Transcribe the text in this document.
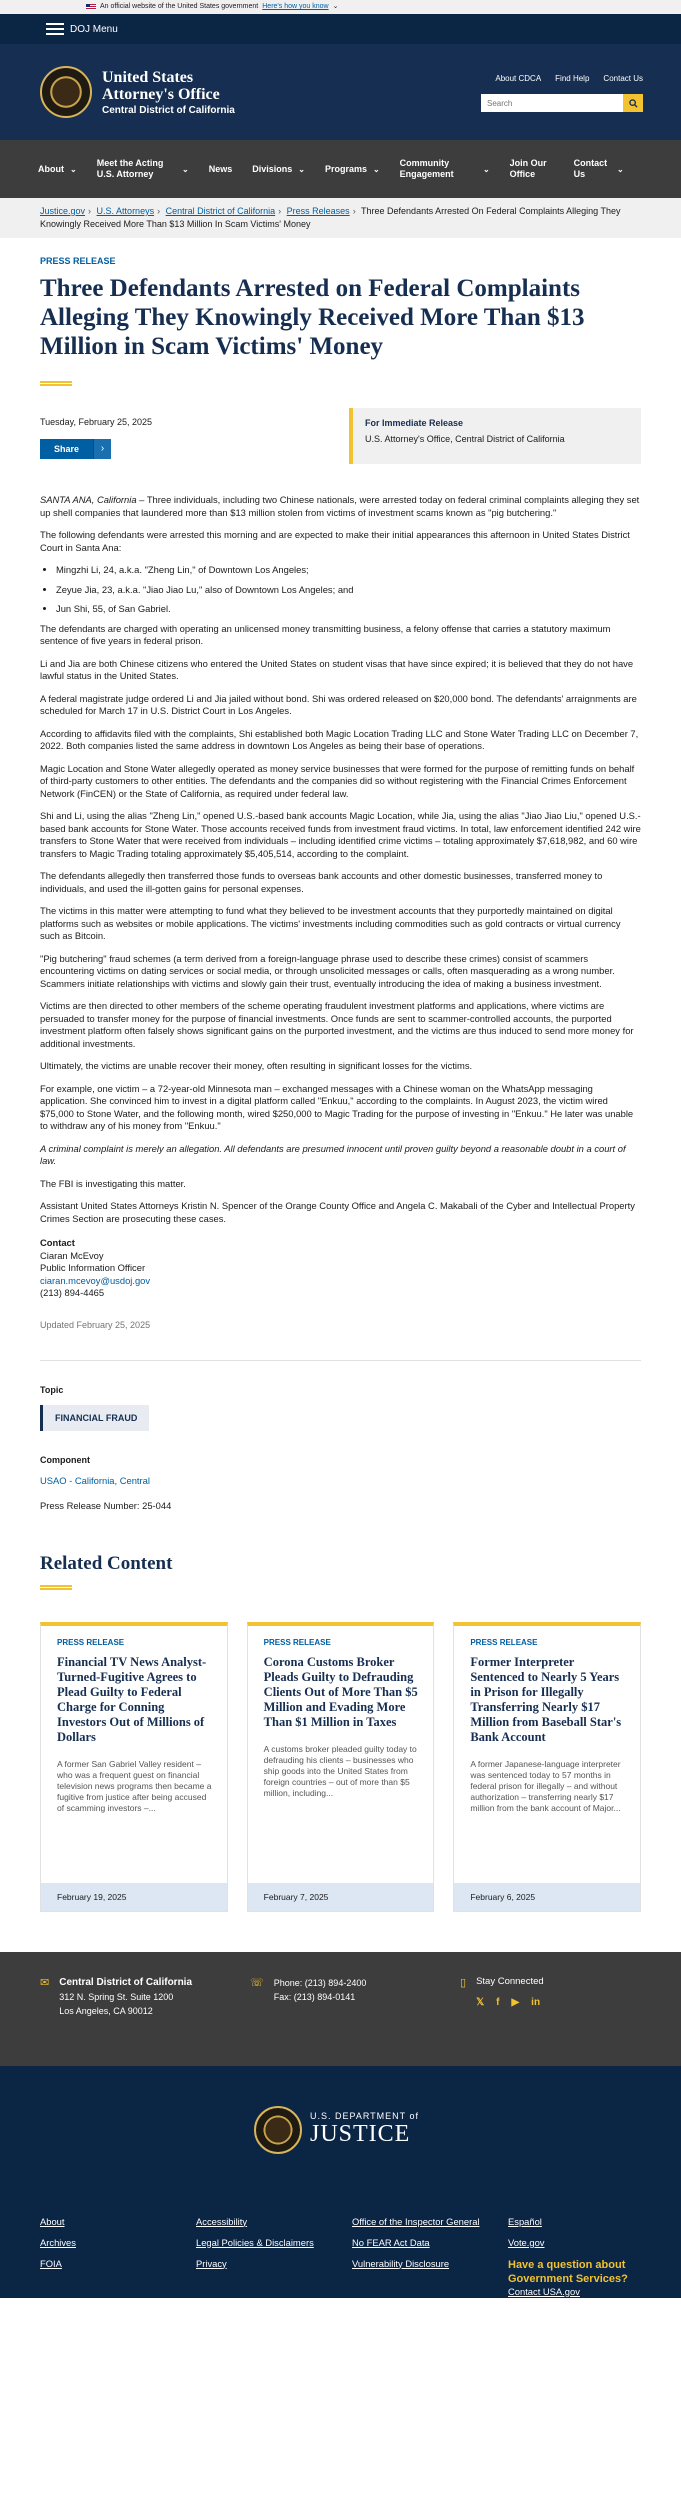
An official website of the United States government Here's how you know ⌄
DOJ Menu
United States
Attorney's Office
Central District of California
About CDCA Find Help Contact Us
Search
About ⌄
Meet the Acting U.S. Attorney	⌄ News Divisions ⌄ Programs ⌄
Community Engagement	⌄
Join Our Office
Contact Us	⌄
Justice.gov › U.S. Attorneys › Central District of California › Press Releases › Three Defendants Arrested On Federal Complaints Alleging They Knowingly Received More Than $13 Million In Scam Victims' Money
PRESS RELEASE
Three Defendants Arrested on Federal Complaints Alleging They Knowingly Received More Than $13 Million in Scam Victims' Money
Tuesday, February 25, 2025
Share	›
For Immediate Release
U.S. Attorney's Office, Central District of California

SANTA ANA, California – Three individuals, including two Chinese nationals, were arrested today on federal criminal complaints alleging they set up shell companies that laundered more than $13 million stolen from victims of investment scams known as "pig butchering."

The following defendants were arrested this morning and are expected to make their initial appearances this afternoon in United States District Court in Santa Ana:

• Mingzhi Li, 24, a.k.a. "Zheng Lin," of Downtown Los Angeles;
• Zeyue Jia, 23, a.k.a. "Jiao Jiao Lu," also of Downtown Los Angeles; and
• Jun Shi, 55, of San Gabriel.

The defendants are charged with operating an unlicensed money transmitting business, a felony offense that carries a statutory maximum sentence of five years in federal prison.

Li and Jia are both Chinese citizens who entered the United States on student visas that have since expired; it is believed that they do not have lawful status in the United States.

A federal magistrate judge ordered Li and Jia jailed without bond. Shi was ordered released on $20,000 bond. The defendants' arraignments are scheduled for March 17 in U.S. District Court in Los Angeles.

According to affidavits filed with the complaints, Shi established both Magic Location Trading LLC and Stone Water Trading LLC on December 7, 2022. Both companies listed the same address in downtown Los Angeles as being their base of operations.

Magic Location and Stone Water allegedly operated as money service businesses that were formed for the purpose of remitting funds on behalf of third-party customers to other entities. The defendants and the companies did so without registering with the Financial Crimes Enforcement Network (FinCEN) or the State of California, as required under federal law.

Shi and Li, using the alias "Zheng Lin," opened U.S.-based bank accounts Magic Location, while Jia, using the alias "Jiao Jiao Liu," opened U.S.-based bank accounts for Stone Water. Those accounts received funds from investment fraud victims. In total, law enforcement identified 242 wire transfers to Stone Water that were received from individuals – including identified crime victims – totaling approximately $7,618,982, and 60 wire transfers to Magic Trading totaling approximately $5,405,514, according to the complaint.

The defendants allegedly then transferred those funds to overseas bank accounts and other domestic businesses, transferred money to individuals, and used the ill-gotten gains for personal expenses.

The victims in this matter were attempting to fund what they believed to be investment accounts that they purportedly maintained on digital platforms such as websites or mobile applications. The victims' investments including commodities such as gold contracts or virtual currency such as Bitcoin.

"Pig butchering" fraud schemes (a term derived from a foreign-language phrase used to describe these crimes) consist of scammers encountering victims on dating services or social media, or through unsolicited messages or calls, often masquerading as a wrong number. Scammers initiate relationships with victims and slowly gain their trust, eventually introducing the idea of making a business investment.

Victims are then directed to other members of the scheme operating fraudulent investment platforms and applications, where victims are persuaded to transfer money for the purpose of financial investments. Once funds are sent to scammer-controlled accounts, the purported investment platform often falsely shows significant gains on the purported investment, and the victims are thus induced to send more money for additional investments.

Ultimately, the victims are unable recover their money, often resulting in significant losses for the victims.

For example, one victim – a 72-year-old Minnesota man – exchanged messages with a Chinese woman on the WhatsApp messaging application. She convinced him to invest in a digital platform called "Enkuu," according to the complaints. In August 2023, the victim wired $75,000 to Stone Water, and the following month, wired $250,000 to Magic Trading for the purpose of investing in "Enkuu." He later was unable to withdraw any of his money from "Enkuu."

A criminal complaint is merely an allegation. All defendants are presumed innocent until proven guilty beyond a reasonable doubt in a court of law.

The FBI is investigating this matter.

Assistant United States Attorneys Kristin N. Spencer of the Orange County Office and Angela C. Makabali of the Cyber and Intellectual Property Crimes Section are prosecuting these cases.

Contact
Ciaran McEvoy
Public Information Officer
ciaran.mcevoy@usdoj.gov
(213) 894-4465
Updated February 25, 2025
Topic
FINANCIAL FRAUD
Component
USAO - California, Central
Press Release Number: 25-044
Related Content
PRESS RELEASE
Financial TV News Analyst-Turned-Fugitive Agrees to Plead Guilty to Federal Charge for Conning Investors Out of Millions of Dollars
A former San Gabriel Valley resident – who was a frequent guest on financial television news programs then became a fugitive from justice after being accused of scamming investors –...
February 19, 2025
PRESS RELEASE
Corona Customs Broker Pleads Guilty to Defrauding Clients Out of More Than $5 Million and Evading More Than $1 Million in Taxes
A customs broker pleaded guilty today to defrauding his clients – businesses who ship goods into the United States from foreign countries – out of more than $5 million, including...
February 7, 2025
PRESS RELEASE
Former Interpreter Sentenced to Nearly 5 Years in Prison for Illegally Transferring Nearly $17 Million from Baseball Star's Bank Account
A former Japanese-language interpreter was sentenced today to 57 months in federal prison for illegally – and without authorization – transferring nearly $17 million from the bank account of Major...
February 6, 2025
✉ Central District of California
312 N. Spring St. Suite 1200
Los Angeles, CA 90012
☏ Phone: (213) 894-2400
Fax: (213) 894-0141
▯ Stay Connected
𝕏 f ▶ in
U.S. DEPARTMENT of
JUSTICE
About	Accessibility	Office of the Inspector General	Español
Archives	Legal Policies & Disclaimers	No FEAR Act Data	Vote.gov
FOIA	Privacy	Vulnerability Disclosure	Have a question about Government Services?
Contact USA.gov
For Employees
